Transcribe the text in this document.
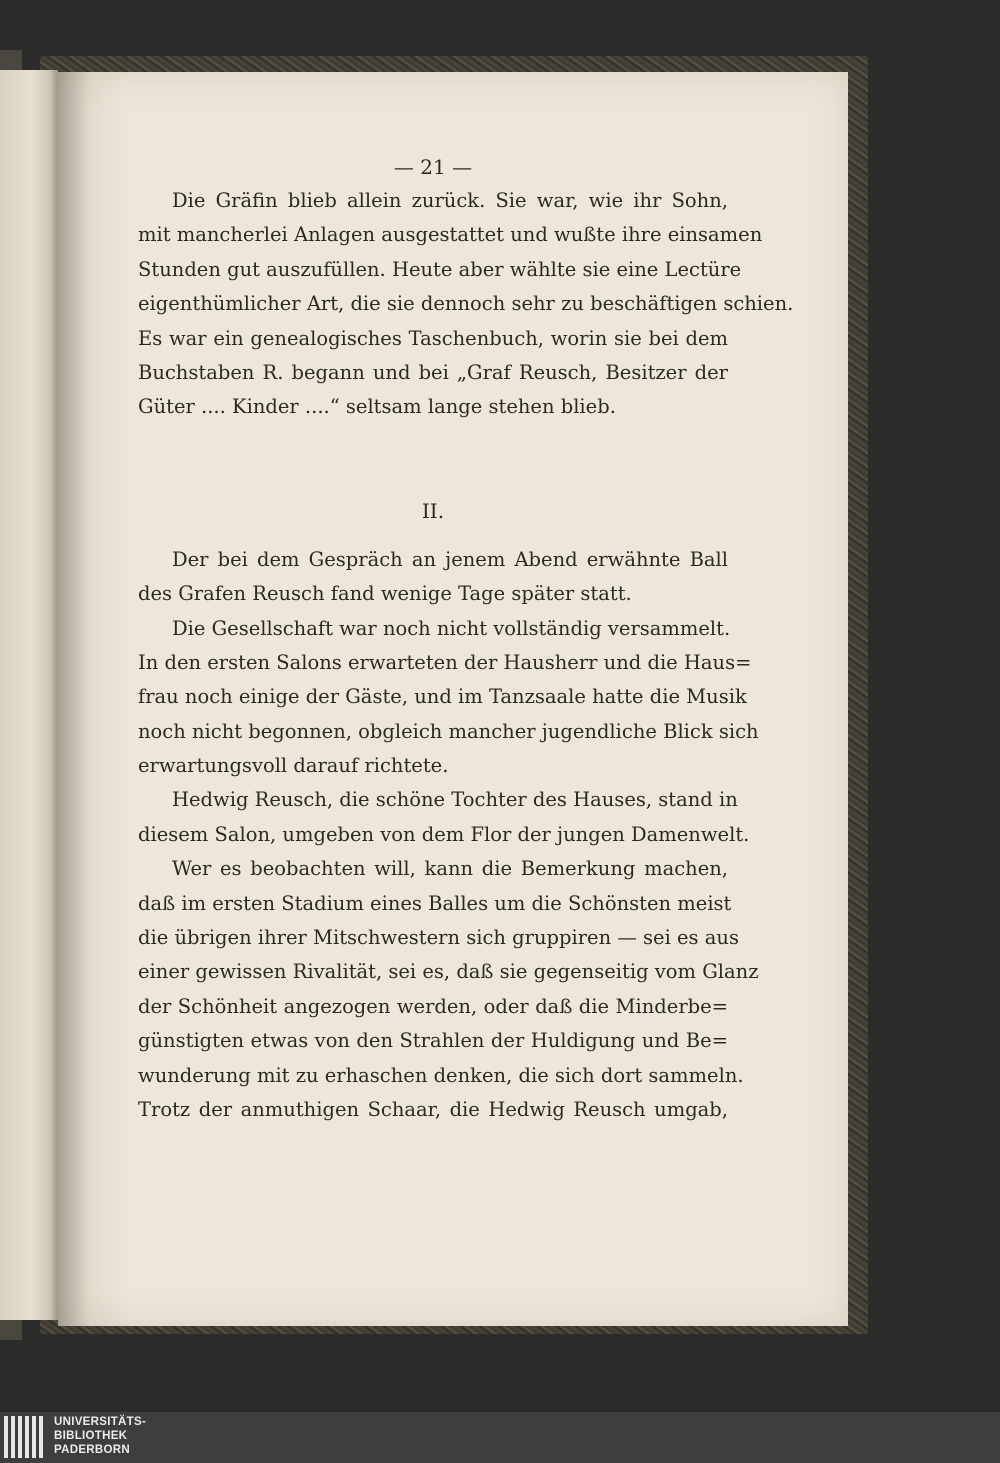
— 21 —
Die Gräfin blieb allein zurück. Sie war, wie ihr Sohn,
mit mancherlei Anlagen ausgestattet und wußte ihre einsamen
Stunden gut auszufüllen. Heute aber wählte sie eine Lectüre
eigenthümlicher Art, die sie dennoch sehr zu beschäftigen schien.
Es war ein genealogisches Taschenbuch, worin sie bei dem
Buchstaben R. begann und bei „Graf Reusch, Besitzer der
Güter .... Kinder ....“ seltsam lange stehen blieb.
II.
Der bei dem Gespräch an jenem Abend erwähnte Ball
des Grafen Reusch fand wenige Tage später statt.
Die Gesellschaft war noch nicht vollständig versammelt.
In den ersten Salons erwarteten der Hausherr und die Haus=
frau noch einige der Gäste, und im Tanzsaale hatte die Musik
noch nicht begonnen, obgleich mancher jugendliche Blick sich
erwartungsvoll darauf richtete.
Hedwig Reusch, die schöne Tochter des Hauses, stand in
diesem Salon, umgeben von dem Flor der jungen Damenwelt.
Wer es beobachten will, kann die Bemerkung machen,
daß im ersten Stadium eines Balles um die Schönsten meist
die übrigen ihrer Mitschwestern sich gruppiren — sei es aus
einer gewissen Rivalität, sei es, daß sie gegenseitig vom Glanz
der Schönheit angezogen werden, oder daß die Minderbe=
günstigten etwas von den Strahlen der Huldigung und Be=
wunderung mit zu erhaschen denken, die sich dort sammeln.
Trotz der anmuthigen Schaar, die Hedwig Reusch umgab,
UNIVERSITÄTS-
BIBLIOTHEK
PADERBORN
